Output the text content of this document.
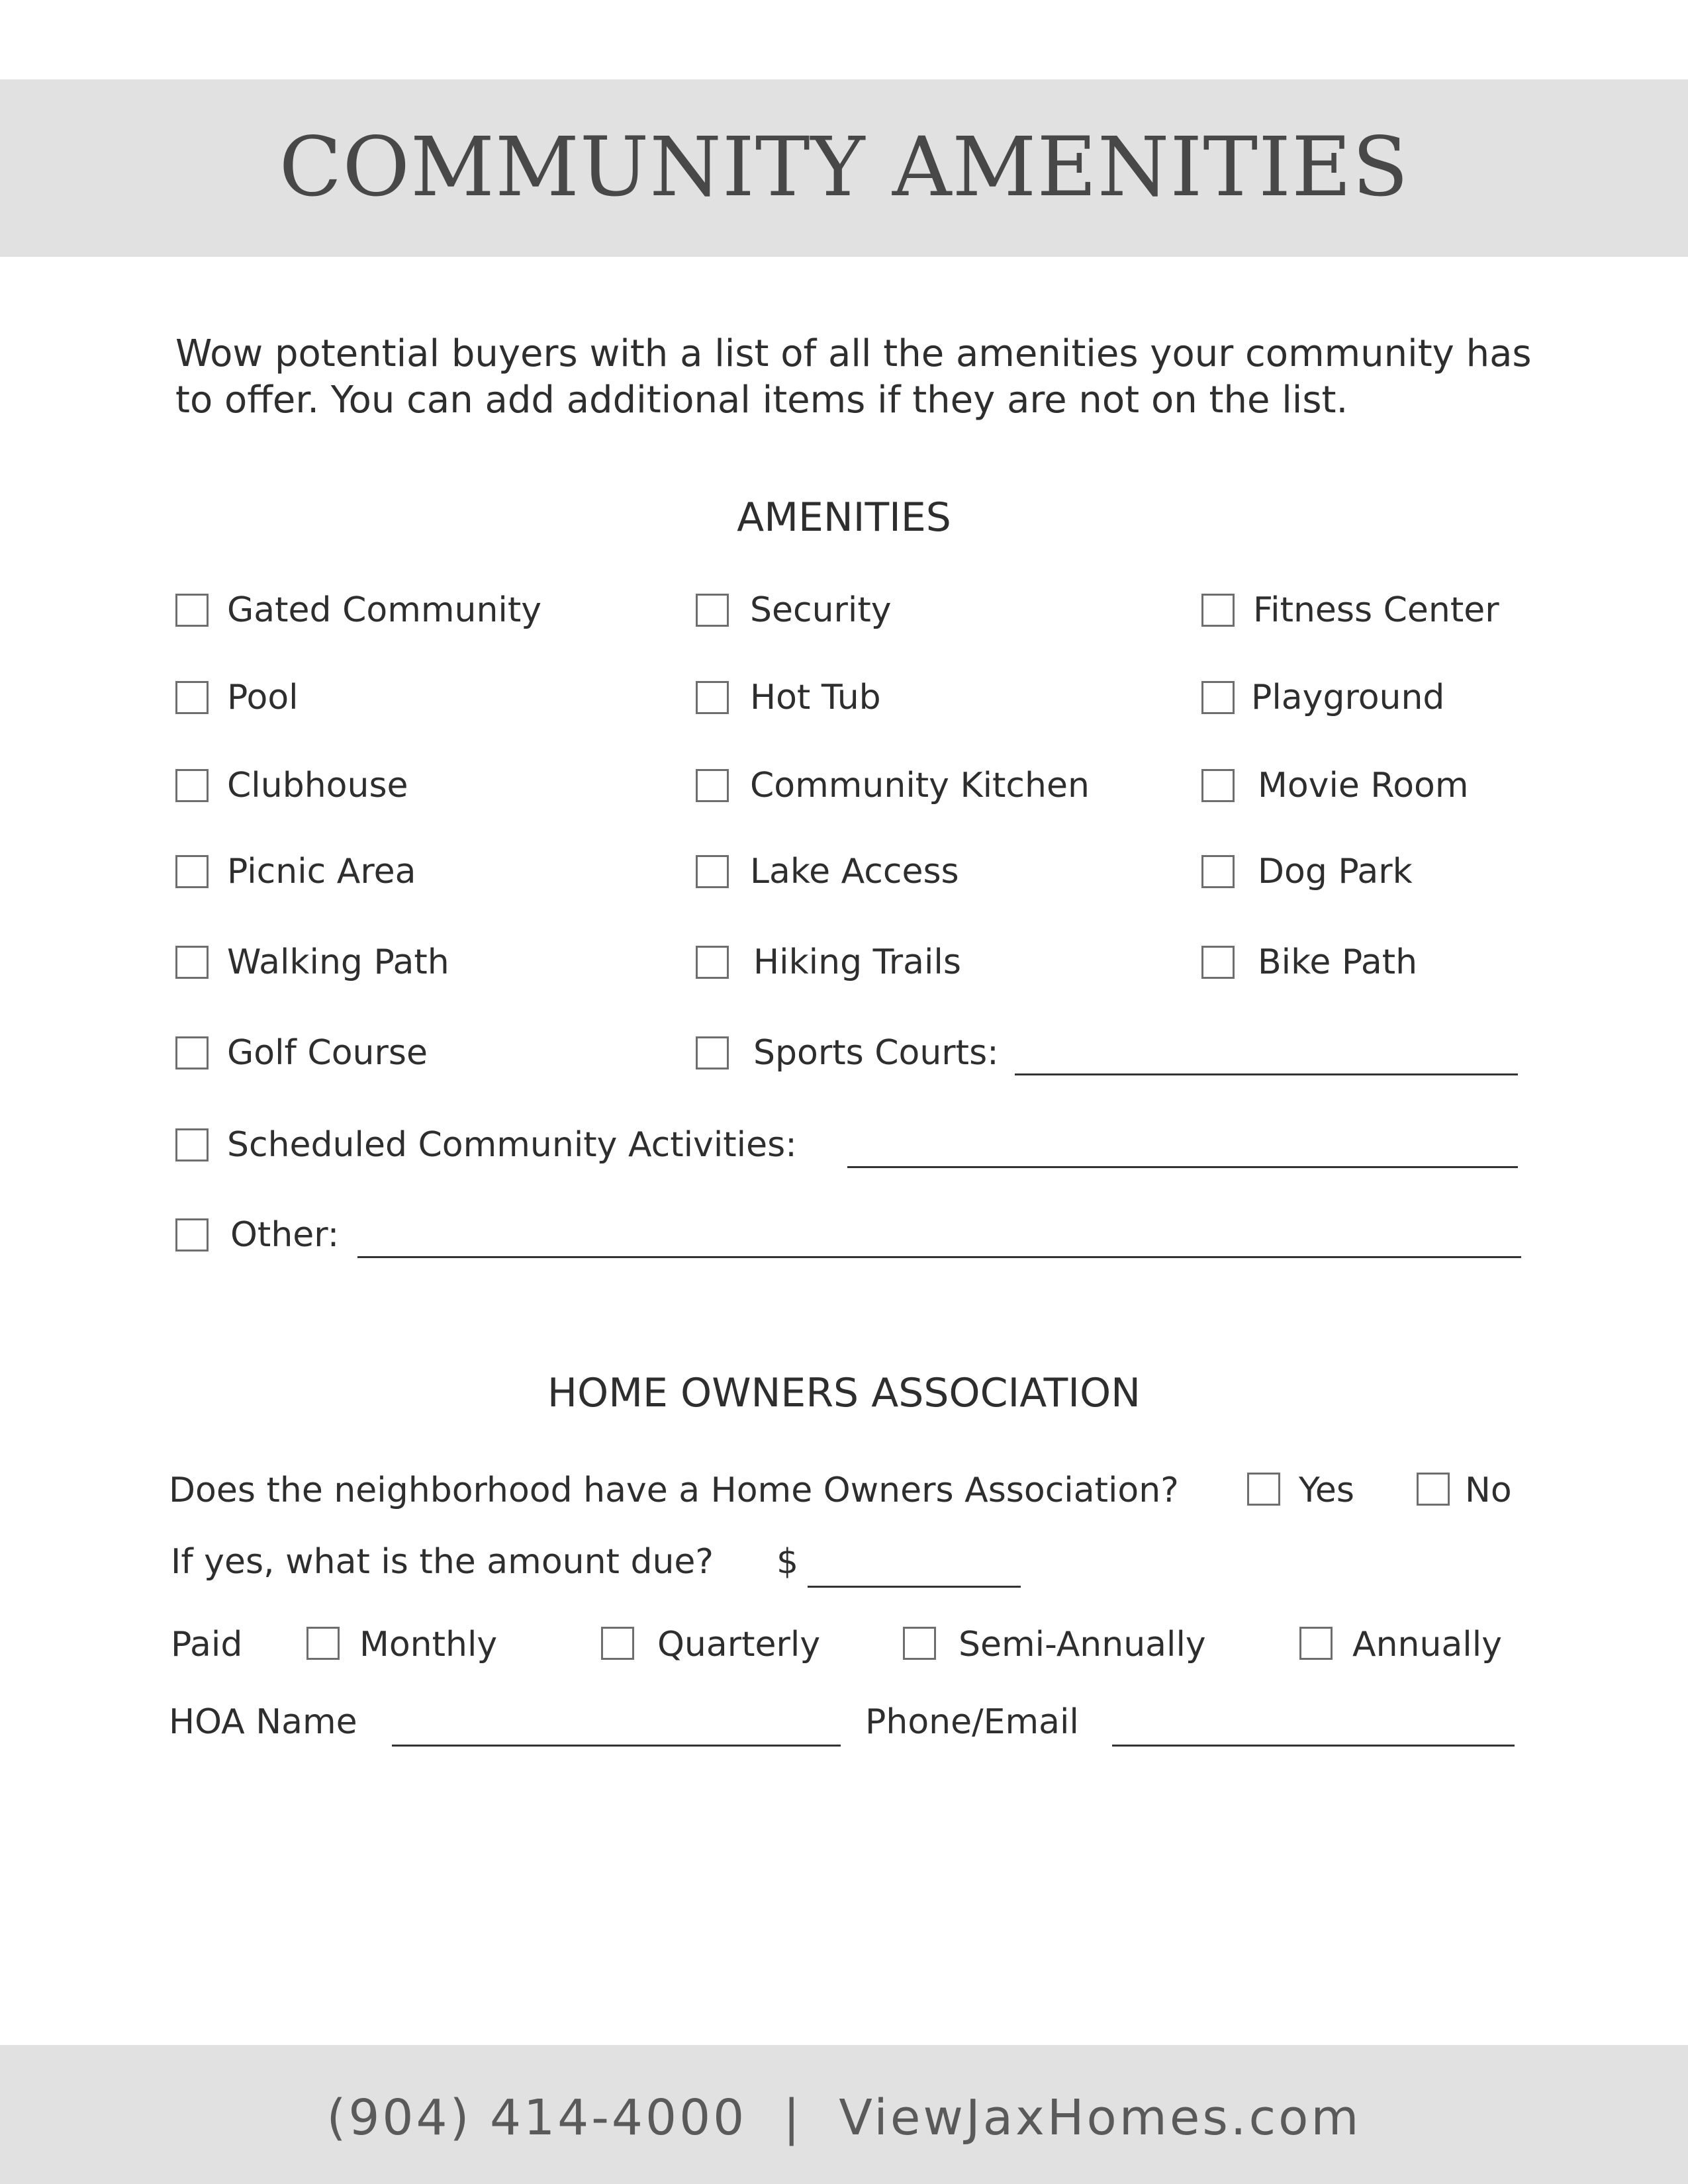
COMMUNITY AMENITIES
Wow potential buyers with a list of all the amenities your community has to offer. You can add additional items if they are not on the list.
AMENITIES
Gated Community	Security	Fitness Center
Pool	Hot Tub	Playground
Clubhouse	Community Kitchen	Movie Room
Picnic Area	Lake Access	Dog Park
Walking Path	Hiking Trails	Bike Path
Golf Course	Sports Courts:
Scheduled Community Activities:
Other:
HOME OWNERS ASSOCIATION
Does the neighborhood have a Home Owners Association?	Yes	No
If yes, what is the amount due? $
Paid	Monthly	Quarterly	Semi-Annually	Annually
HOA Name	Phone/Email
(904) 414-4000  |  ViewJaxHomes.com
